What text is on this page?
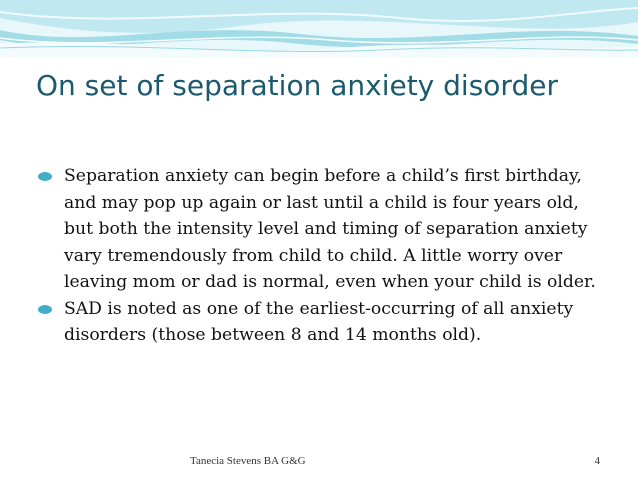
On set of separation anxiety disorder
Separation anxiety can begin before a child’s first birthday, and may pop up again or last until a child is four years old, but both the intensity level and timing of separation anxiety vary tremendously from child to child. A little worry over leaving mom or dad is normal, even when your child is older.
SAD is noted as one of the earliest-occurring of all anxiety disorders (those between 8 and 14 months old).
Tanecia Stevens BA G&G	4
